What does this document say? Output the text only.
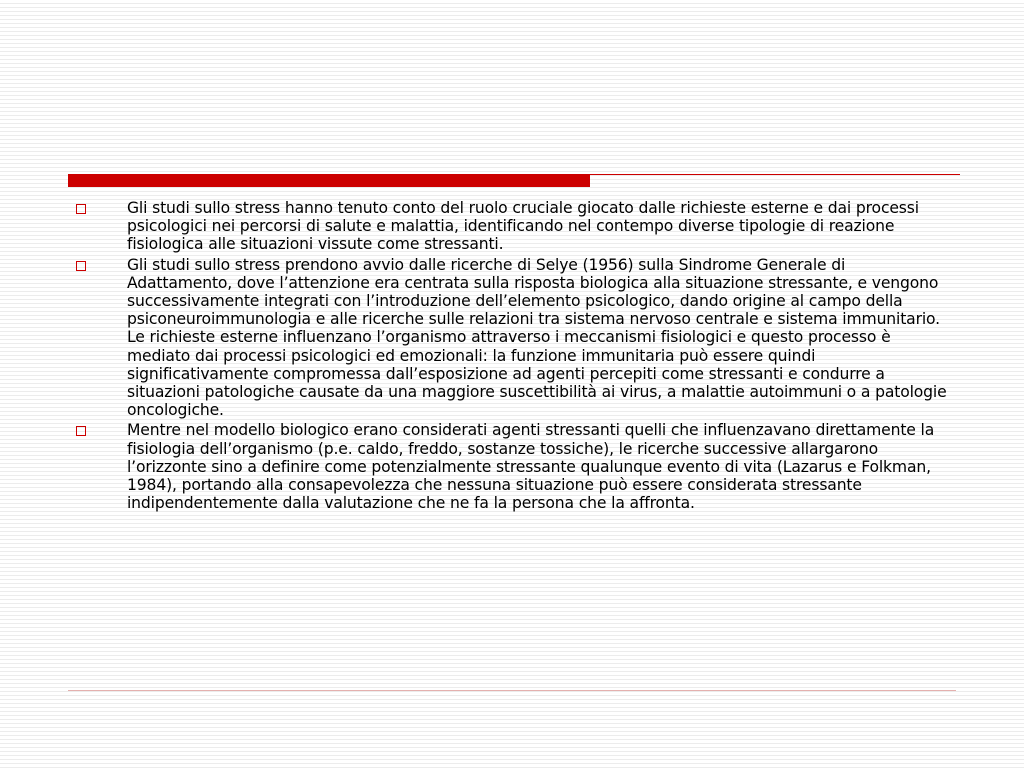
Gli studi sullo stress hanno tenuto conto del ruolo cruciale giocato dalle richieste esterne e dai processi psicologici nei percorsi di salute e malattia, identificando nel contempo diverse tipologie di reazione fisiologica alle situazioni vissute come stressanti.
Gli studi sullo stress prendono avvio dalle ricerche di Selye (1956) sulla Sindrome Generale di Adattamento, dove l’attenzione era centrata sulla risposta biologica alla situazione stressante, e vengono successivamente integrati con l’introduzione dell’elemento psicologico, dando origine al campo della psiconeuroimmunologia e alle ricerche sulle relazioni tra sistema nervoso centrale e sistema immunitario. Le richieste esterne influenzano l’organismo attraverso i meccanismi fisiologici e questo processo è mediato dai processi psicologici ed emozionali: la funzione immunitaria può essere quindi significativamente compromessa dall’esposizione ad agenti percepiti come stressanti e condurre a situazioni patologiche causate da una maggiore suscettibilità ai virus, a malattie autoimmuni o a patologie oncologiche.
Mentre nel modello biologico erano considerati agenti stressanti quelli che influenzavano direttamente la fisiologia dell’organismo (p.e. caldo, freddo, sostanze tossiche), le ricerche successive allargarono l’orizzonte sino a definire come potenzialmente stressante qualunque evento di vita (Lazarus e Folkman, 1984), portando alla consapevolezza che nessuna situazione può essere considerata stressante indipendentemente dalla valutazione che ne fa la persona che la affronta.
